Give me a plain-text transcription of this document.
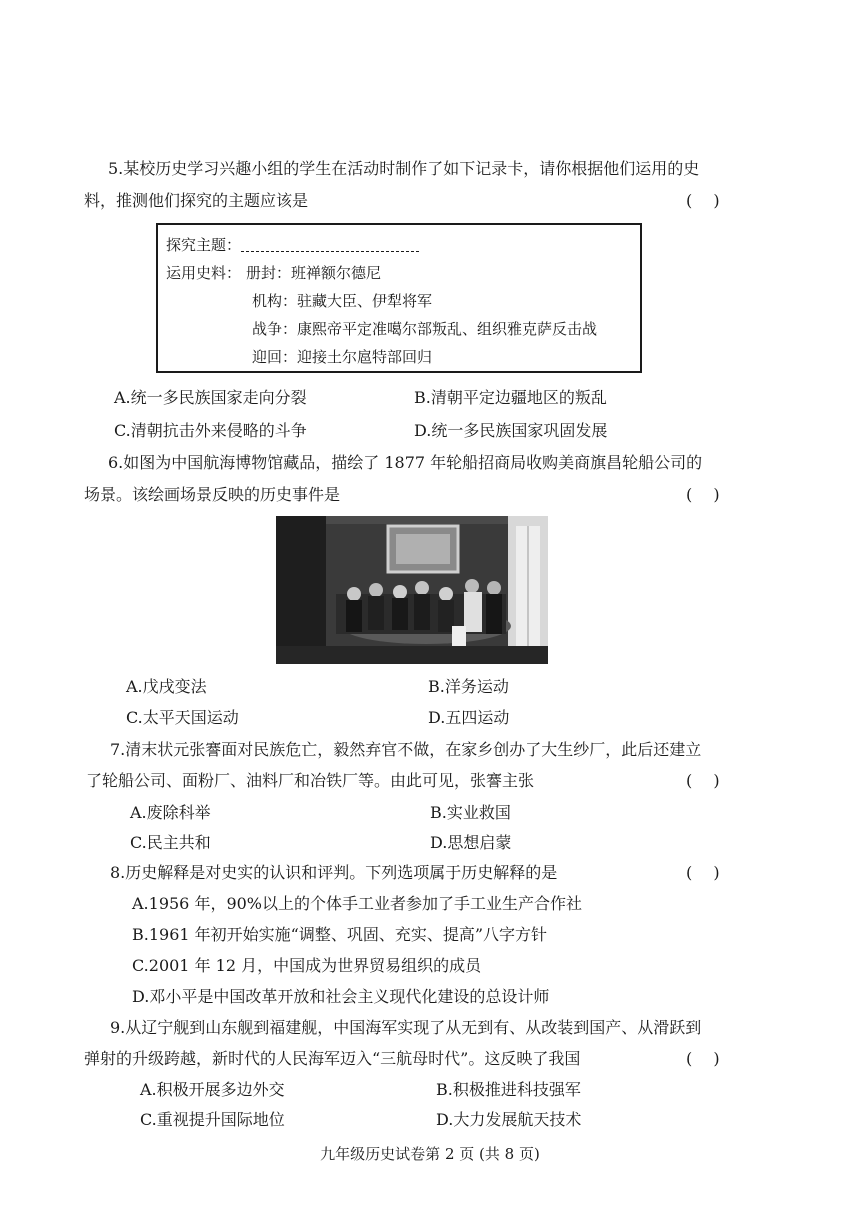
5.某校历史学习兴趣小组的学生在活动时制作了如下记录卡，请你根据他们运用的史
料，推测他们探究的主题应该是	(　 )
探究主题：
运用史料： 册封：班禅额尔德尼
机构：驻藏大臣、伊犁将军
战争：康熙帝平定准噶尔部叛乱、组织雅克萨反击战
迎回：迎接土尔扈特部回归
A.统一多民族国家走向分裂	B.清朝平定边疆地区的叛乱
C.清朝抗击外来侵略的斗争	D.统一多民族国家巩固发展
6.如图为中国航海博物馆藏品，描绘了 1877 年轮船招商局收购美商旗昌轮船公司的
场景。该绘画场景反映的历史事件是	(　 )
A.戊戌变法	B.洋务运动
C.太平天国运动	D.五四运动
7.清末状元张謇面对民族危亡，毅然弃官不做，在家乡创办了大生纱厂，此后还建立
了轮船公司、面粉厂、油料厂和冶铁厂等。由此可见，张謇主张	(　 )
A.废除科举	B.实业救国
C.民主共和	D.思想启蒙
8.历史解释是对史实的认识和评判。下列选项属于历史解释的是	(　 )
A.1956 年，90%以上的个体手工业者参加了手工业生产合作社
B.1961 年初开始实施“调整、巩固、充实、提高”八字方针
C.2001 年 12 月，中国成为世界贸易组织的成员
D.邓小平是中国改革开放和社会主义现代化建设的总设计师
9.从辽宁舰到山东舰到福建舰，中国海军实现了从无到有、从改装到国产、从滑跃到
弹射的升级跨越，新时代的人民海军迈入“三航母时代”。这反映了我国	(　 )
A.积极开展多边外交	B.积极推进科技强军
C.重视提升国际地位	D.大力发展航天技术
九年级历史试卷第 2 页 (共 8 页)
